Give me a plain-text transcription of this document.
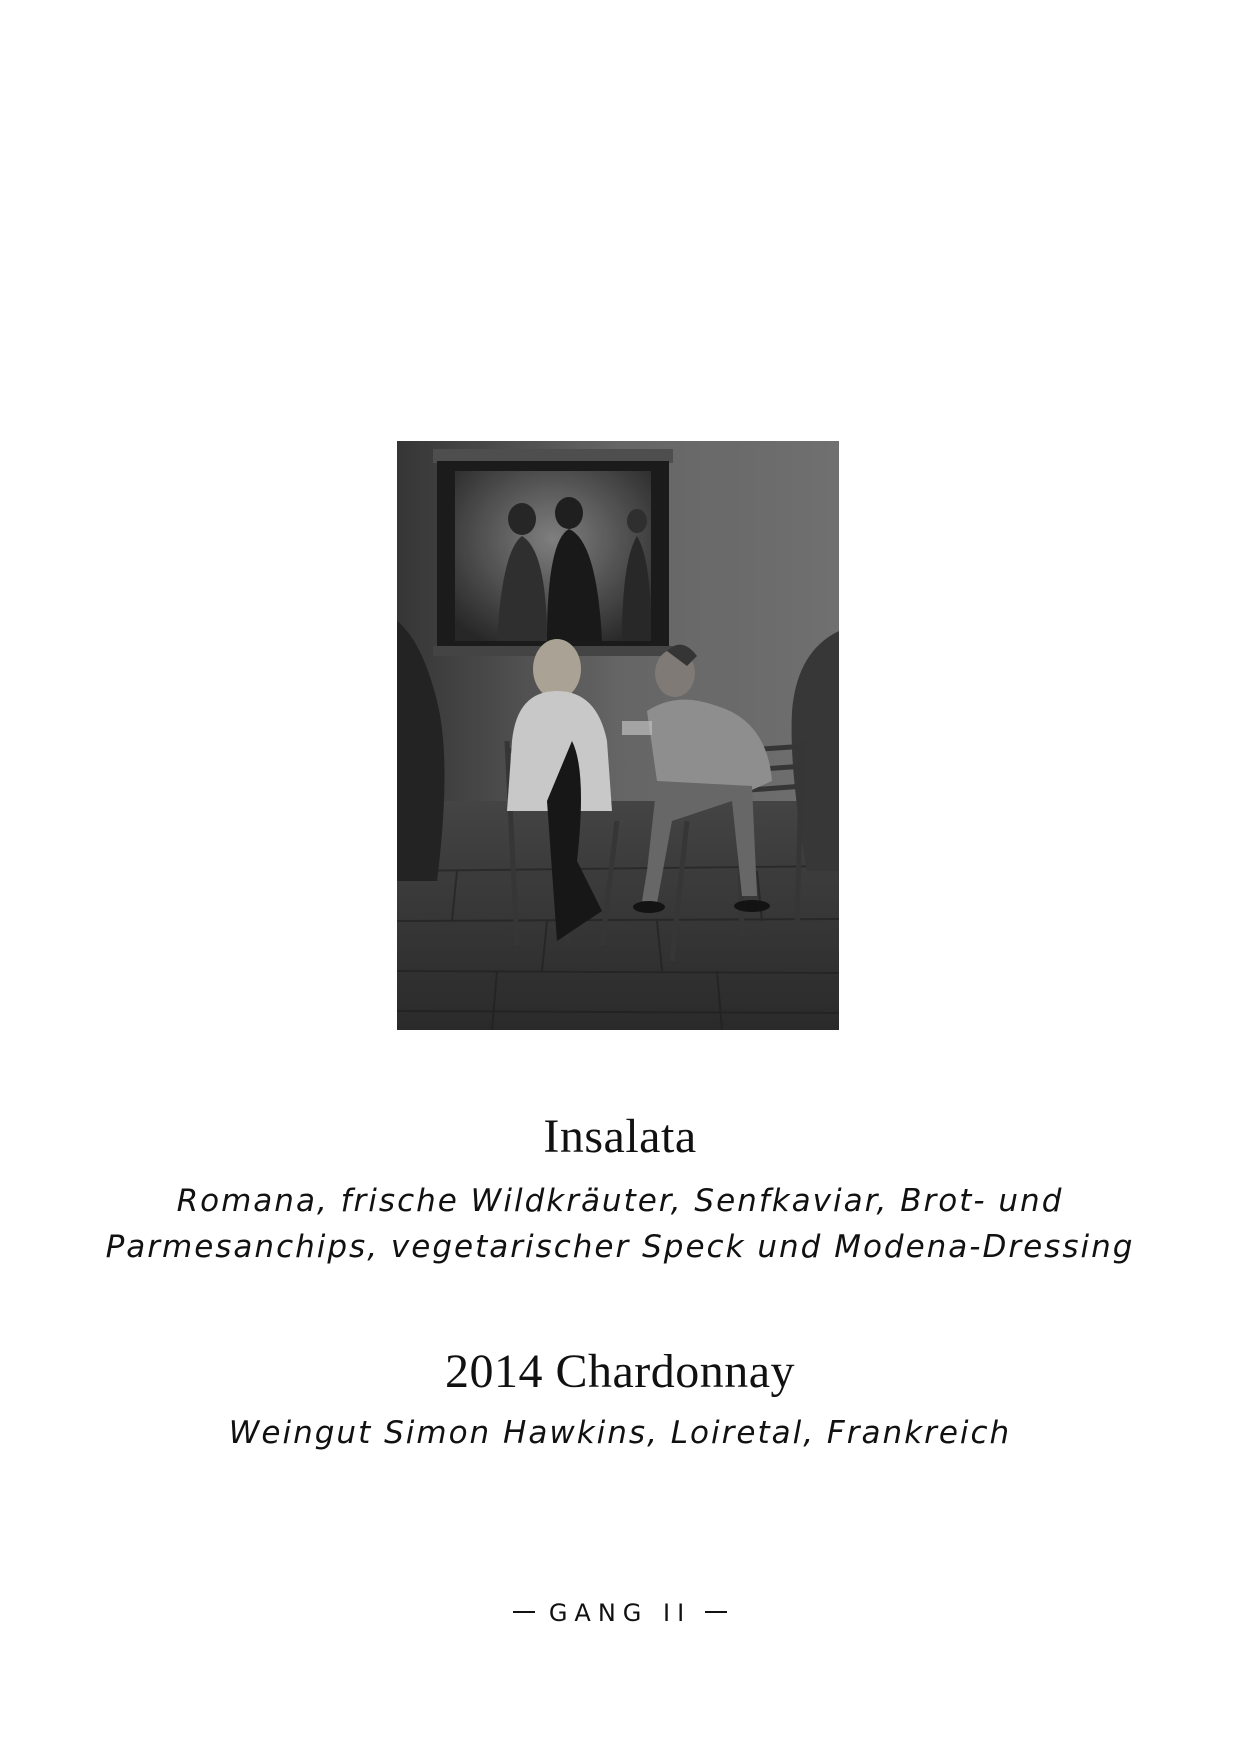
Insalata
Romana, frische Wildkräuter, Senfkaviar, Brot- und
Parmesanchips, vegetarischer Speck und Modena-Dressing
2014 Chardonnay
Weingut Simon Hawkins, Loiretal, Frankreich
GANG II
